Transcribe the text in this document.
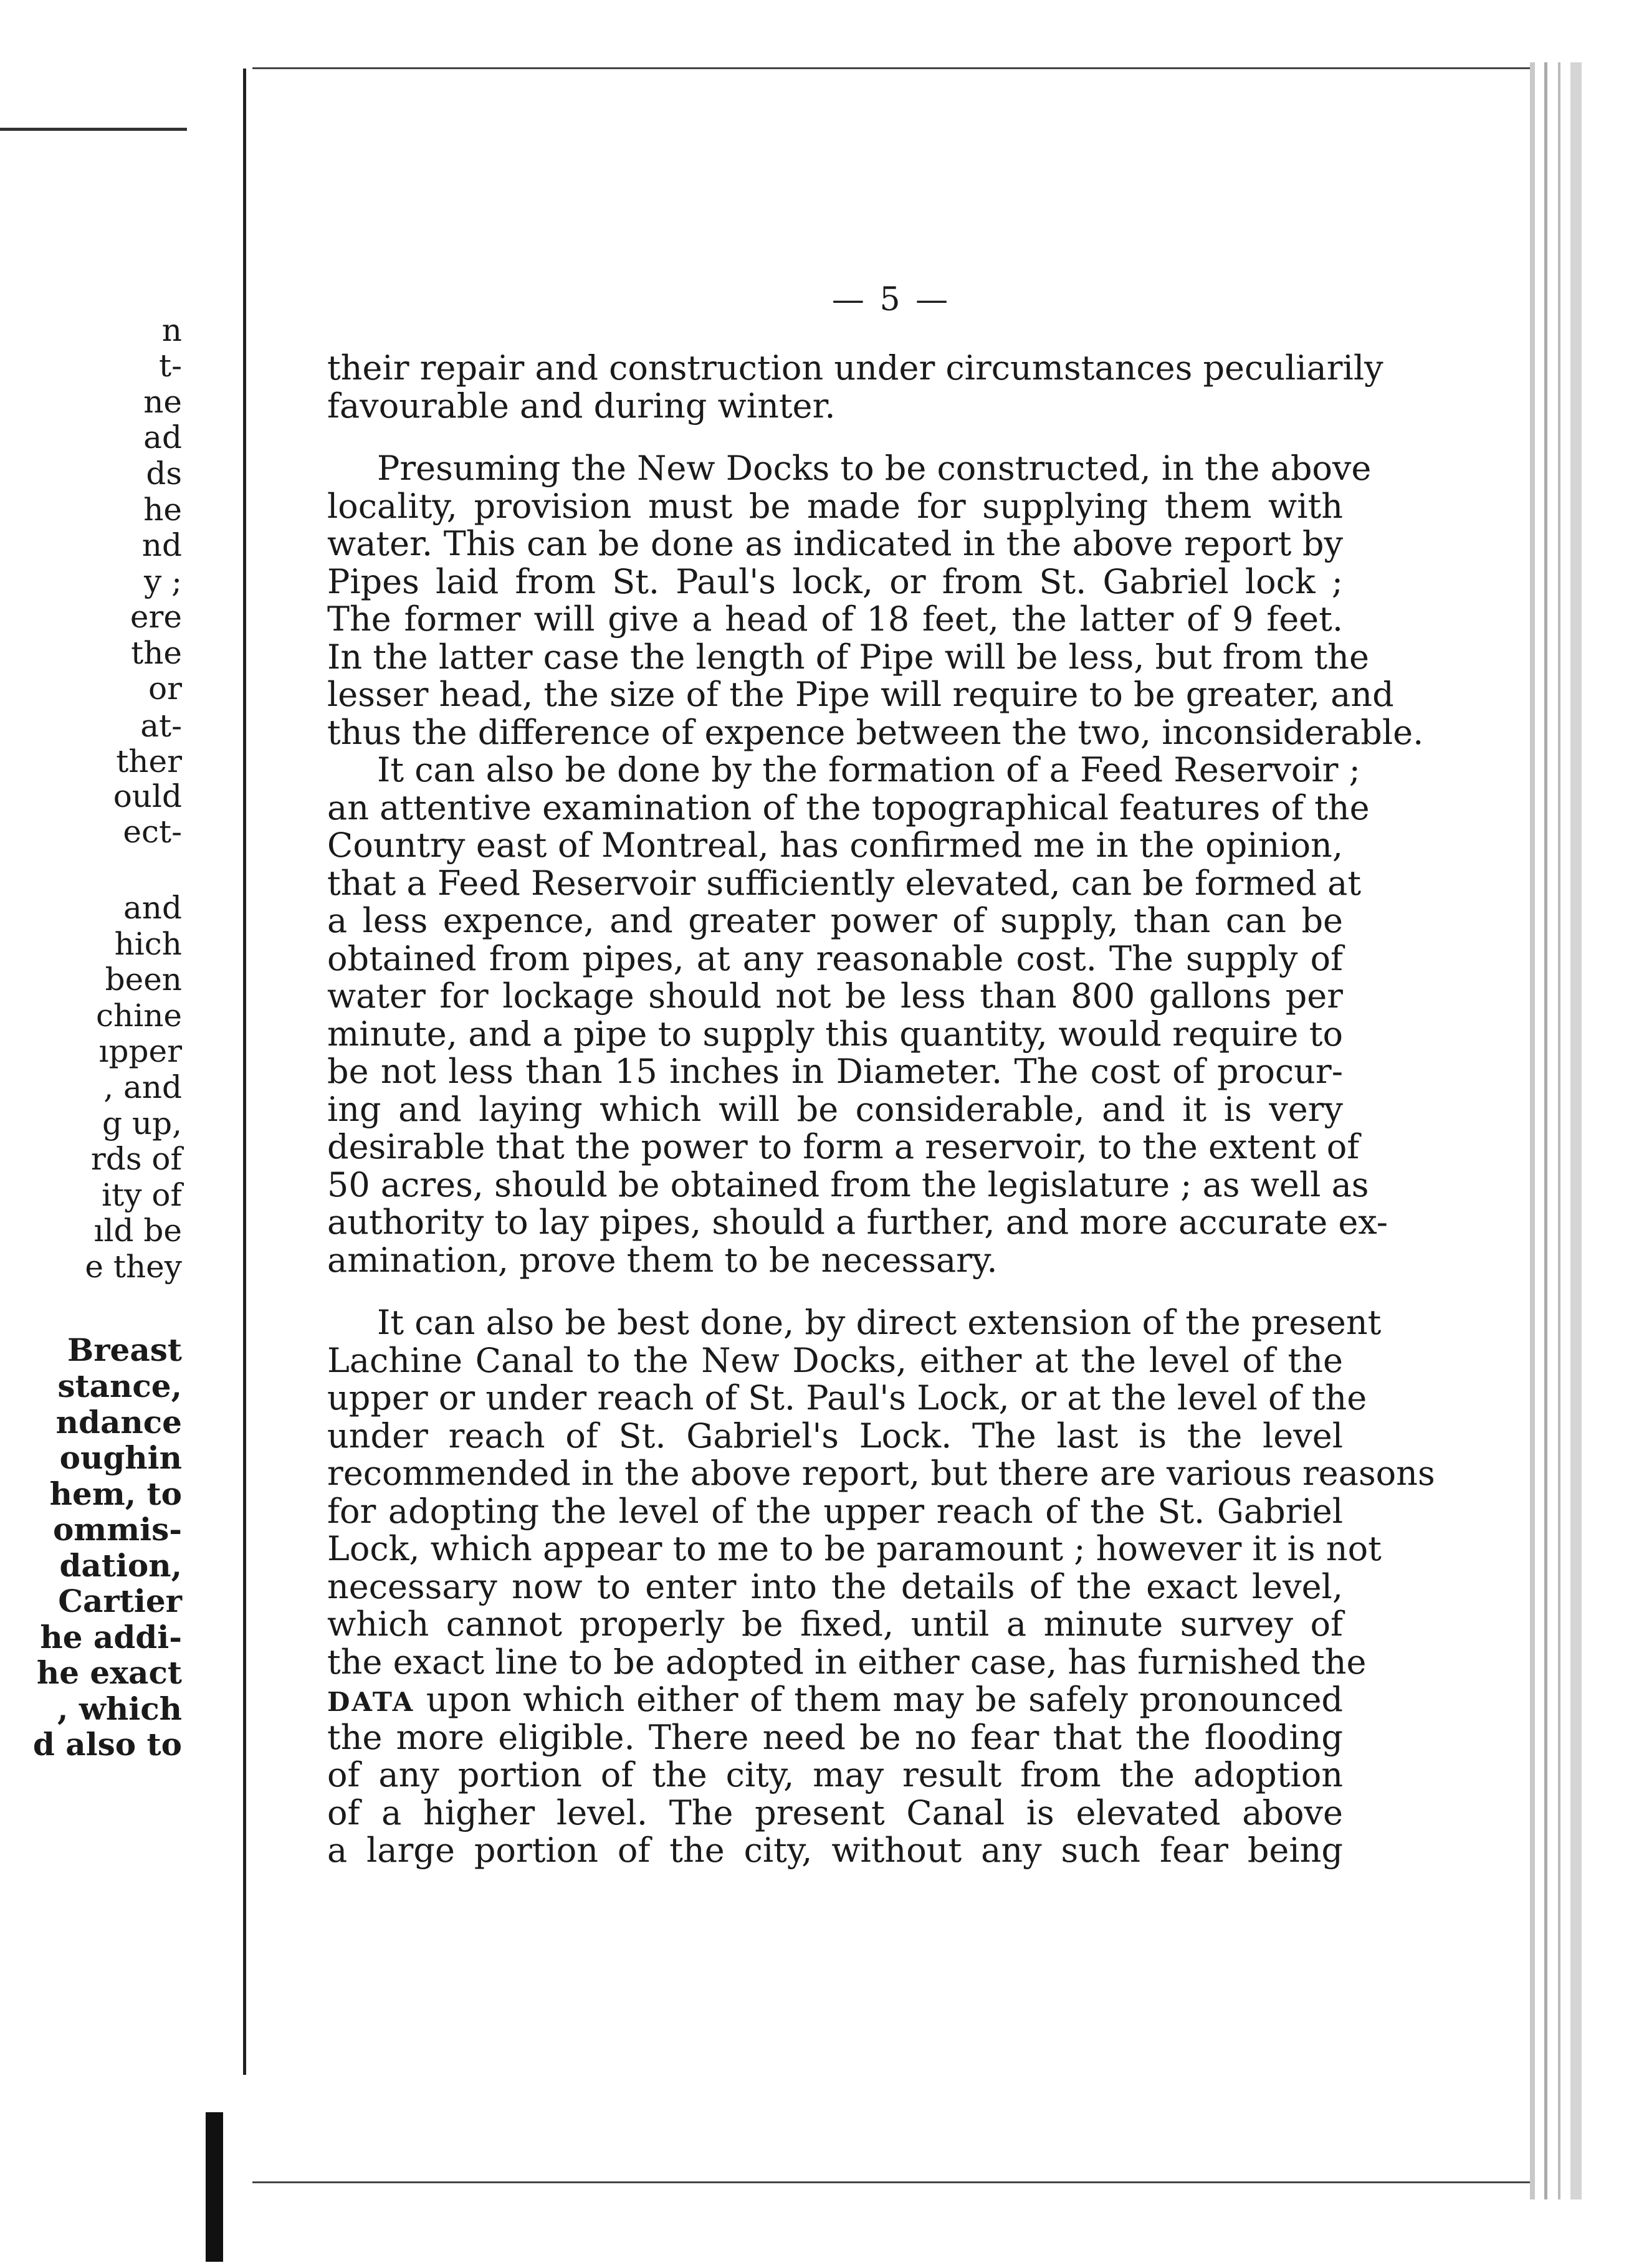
n
t-
ne
ad
ds
he
nd
y ;
ere
the
or
at-
ther
ould
ect-
and
hich
been
chine
ıpper
, and
g up,
rds of
ity of
ıld be
e they
Breast
stance,
ndance
oughin
hem, to
ommis-
dation,
Cartier
he addi-
he exact
, which
d also to
— 5 —
their repair and construction under circumstances peculiarily
favourable and during winter.
Presuming the New Docks to be constructed, in the above
locality, provision must be made for supplying them with
water. This can be done as indicated in the above report by
Pipes laid from St. Paul's lock, or from St. Gabriel lock ;
The former will give a head of 18 feet, the latter of 9 feet.
In the latter case the length of Pipe will be less, but from the
lesser head, the size of the Pipe will require to be greater, and
thus the difference of expence between the two, inconsiderable.
It can also be done by the formation of a Feed Reservoir ;
an attentive examination of the topographical features of the
Country east of Montreal, has confirmed me in the opinion,
that a Feed Reservoir sufficiently elevated, can be formed at
a less expence, and greater power of supply, than can be
obtained from pipes, at any reasonable cost. The supply of
water for lockage should not be less than 800 gallons per
minute, and a pipe to supply this quantity, would require to
be not less than 15 inches in Diameter. The cost of procur-
ing and laying which will be considerable, and it is very
desirable that the power to form a reservoir, to the extent of
50 acres, should be obtained from the legislature ; as well as
authority to lay pipes, should a further, and more accurate ex-
amination, prove them to be necessary.
It can also be best done, by direct extension of the present
Lachine Canal to the New Docks, either at the level of the
upper or under reach of St. Paul's Lock, or at the level of the
under reach of St. Gabriel's Lock. The last is the level
recommended in the above report, but there are various reasons
for adopting the level of the upper reach of the St. Gabriel
Lock, which appear to me to be paramount ; however it is not
necessary now to enter into the details of the exact level,
which cannot properly be fixed, until a minute survey of
the exact line to be adopted in either case, has furnished the
DATA upon which either of them may be safely pronounced
the more eligible. There need be no fear that the flooding
of any portion of the city, may result from the adoption
of a higher level. The present Canal is elevated above
a large portion of the city, without any such fear being
